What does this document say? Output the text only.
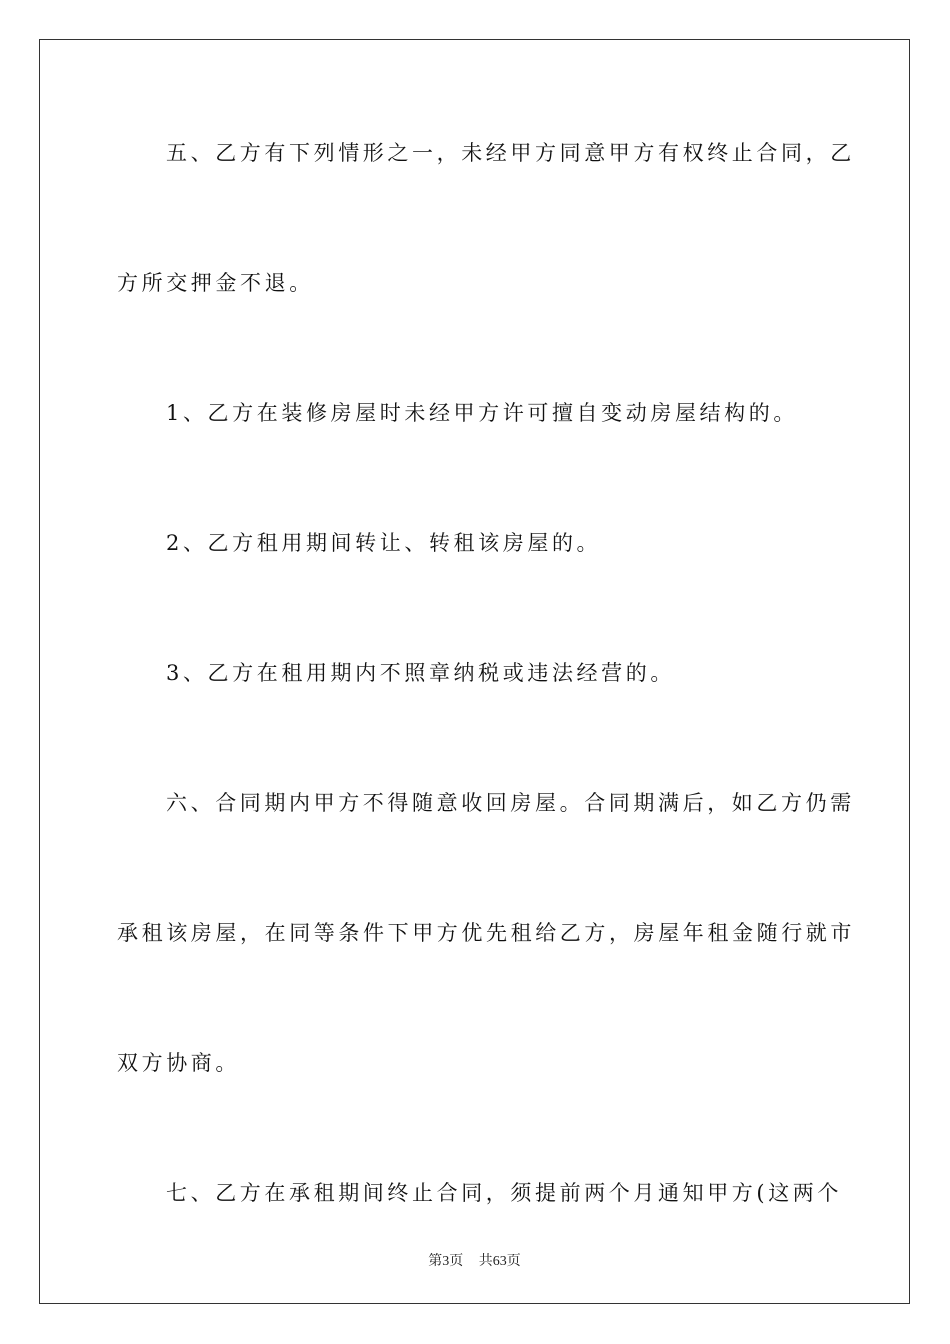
五、乙方有下列情形之一，未经甲方同意甲方有权终止合同，乙
方所交押金不退。
1、乙方在装修房屋时未经甲方许可擅自变动房屋结构的。
2、乙方租用期间转让、转租该房屋的。
3、乙方在租用期内不照章纳税或违法经营的。
六、合同期内甲方不得随意收回房屋。合同期满后，如乙方仍需
承租该房屋，在同等条件下甲方优先租给乙方，房屋年租金随行就市
双方协商。
七、乙方在承租期间终止合同，须提前两个月通知甲方(这两个
第3页 共63页
